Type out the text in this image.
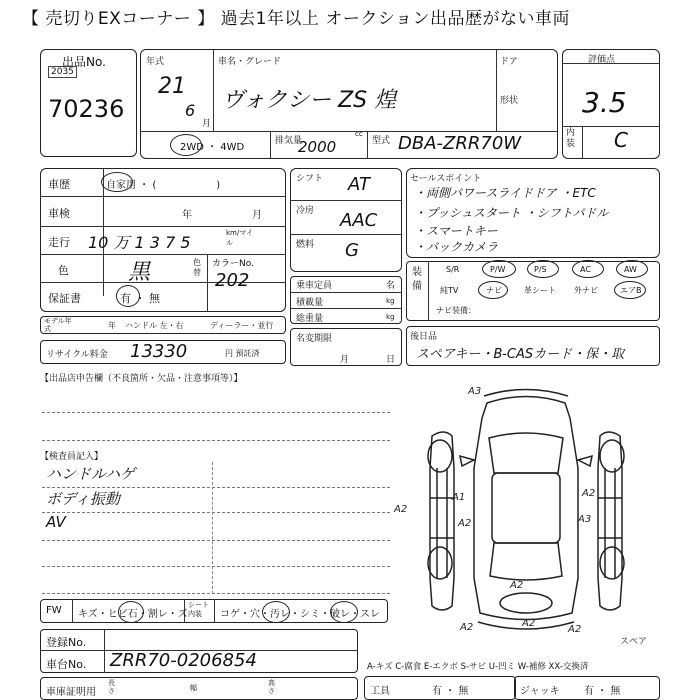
【 売切りEXコーナー 】 過去1年以上 オークション出品歴がない車両
出品No.
2035
70236
年式
21
6
月
車名・グレード
ヴォクシー ZS 煌
ドア
形状
2WD ・ 4WD
排気量
cc
2000	型式 DBA-ZRR70W
評価点
3.5
内装 C
車歴	自家用 ・ (　　　　　　)
車検	年	月
走行 10 万 1 3 7 5	km/マイル
色	黒	色替
カラーNo.
202
保証書	有 ・ 無
モデル年式	年 ハンドル 左・右	ディーラー・並行
リサイクル料金 13330	円 預託済
シフト AT
冷房 AAC
燃料 G
乗車定員	名
積載量	kg
総重量	kg
名変期限
月	日
セールスポイント
・両側パワースライドドア ・ETC
・プッシュスタート ・シフトパドル
・スマートキー
・バックカメラ
装備
S/R	P/W	P/S	AC	AW
純TV	ナビ	革シート 外ナビ	エアB
ナビ装備：
後日品
スペアキー・B-CASカード・保・取
【出品店申告欄（不良箇所・欠品・注意事項等）】
【検査員記入】
ハンドルハゲ
ボディ振動
AV
FW キズ・ヒビ石・割レ・ズ
シート内装	コゲ・穴・汚レ・シミ・破レ・スレ
登録No.
車台No. ZRR70-0206854
車庫証明用
長さ	幅
高さ
A-キズ C-腐食 E-エクボ S-サビ U-凹ミ W-補修 XX-交換済
工具	有 ・ 無	ジャッキ 有 ・ 無
A3
A2
A1
A2
A2
A3
A2	A2
A2
A2
スペア
